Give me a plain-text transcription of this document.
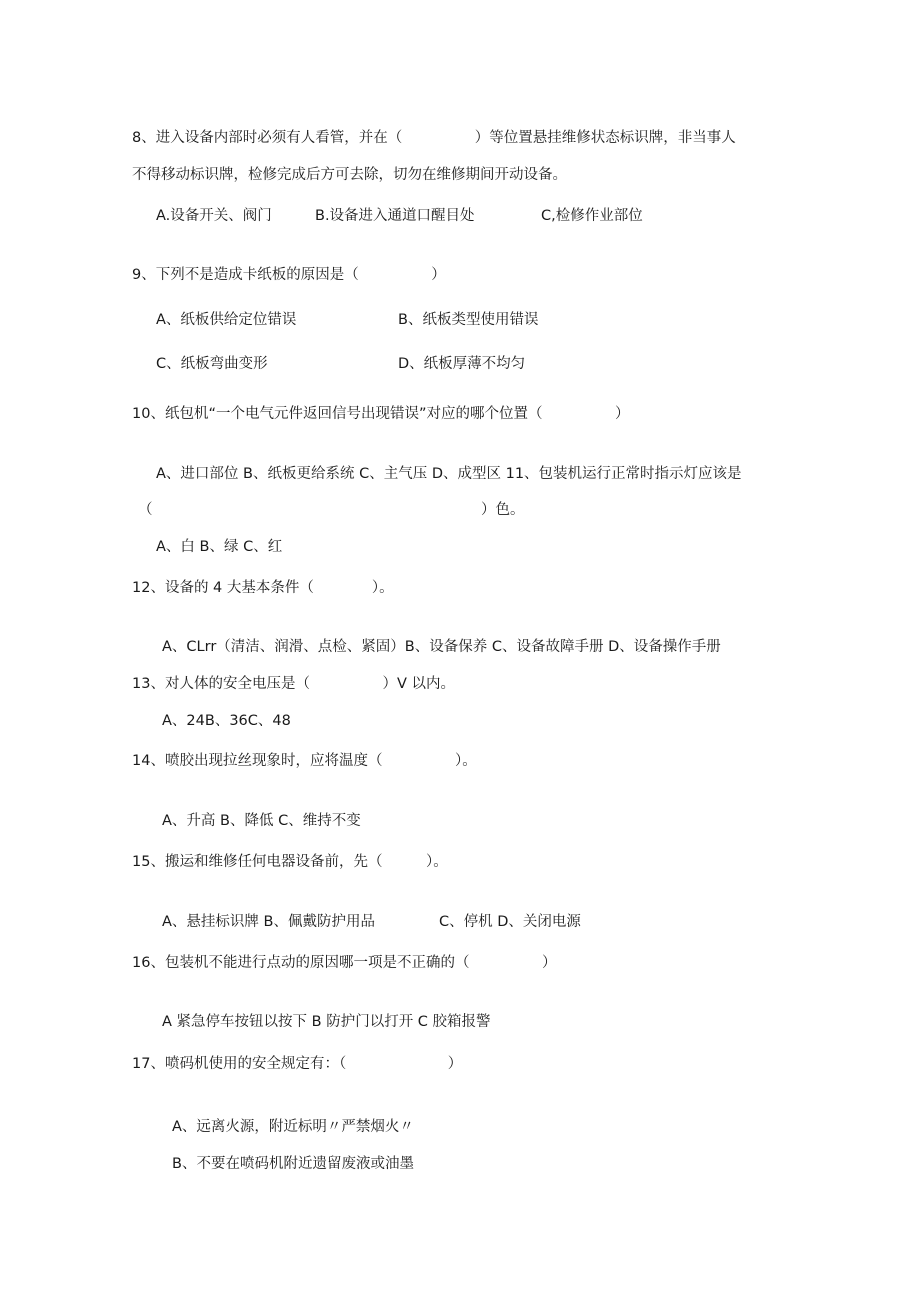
8、进入设备内部时必须有人看管，并在（　　　　　）等位置悬挂维修状态标识牌，非当事人
不得移动标识牌，检修完成后方可去除，切勿在维修期间开动设备。
A.设备开关、阀门	B.设备进入通道口醒目处	C,检修作业部位
9、下列不是造成卡纸板的原因是（　　　　　）
A、纸板供给定位错误	B、纸板类型使用错误
C、纸板弯曲变形	D、纸板厚薄不均匀
10、纸包机“一个电气元件返回信号出现错误”对应的哪个位置（　　　　　）
A、进口部位 B、纸板更给系统 C、主气压 D、成型区 11、包装机运行正常时指示灯应该是
（	）色。
A、白 B、绿 C、红
12、设备的 4 大基本条件（　　　　）。
A、CLrr（清洁、润滑、点检、紧固）B、设备保养 C、设备故障手册 D、设备操作手册
13、对人体的安全电压是（　　　　　）V 以内。
A、24B、36C、48
14、喷胶出现拉丝现象时，应将温度（　　　　　）。
A、升高 B、降低 C、维持不变
15、搬运和维修任何电器设备前，先（　　　）。
A、悬挂标识牌 B、佩戴防护用品	C、停机 D、关闭电源
16、包装机不能进行点动的原因哪一项是不正确的（　　　　　）
A 紧急停车按钮以按下 B 防护门以打开 C 胶箱报警
17、喷码机使用的安全规定有：（　　　　　　　）
A、远离火源，附近标明〃严禁烟火〃
B、不要在喷码机附近遗留废液或油墨
